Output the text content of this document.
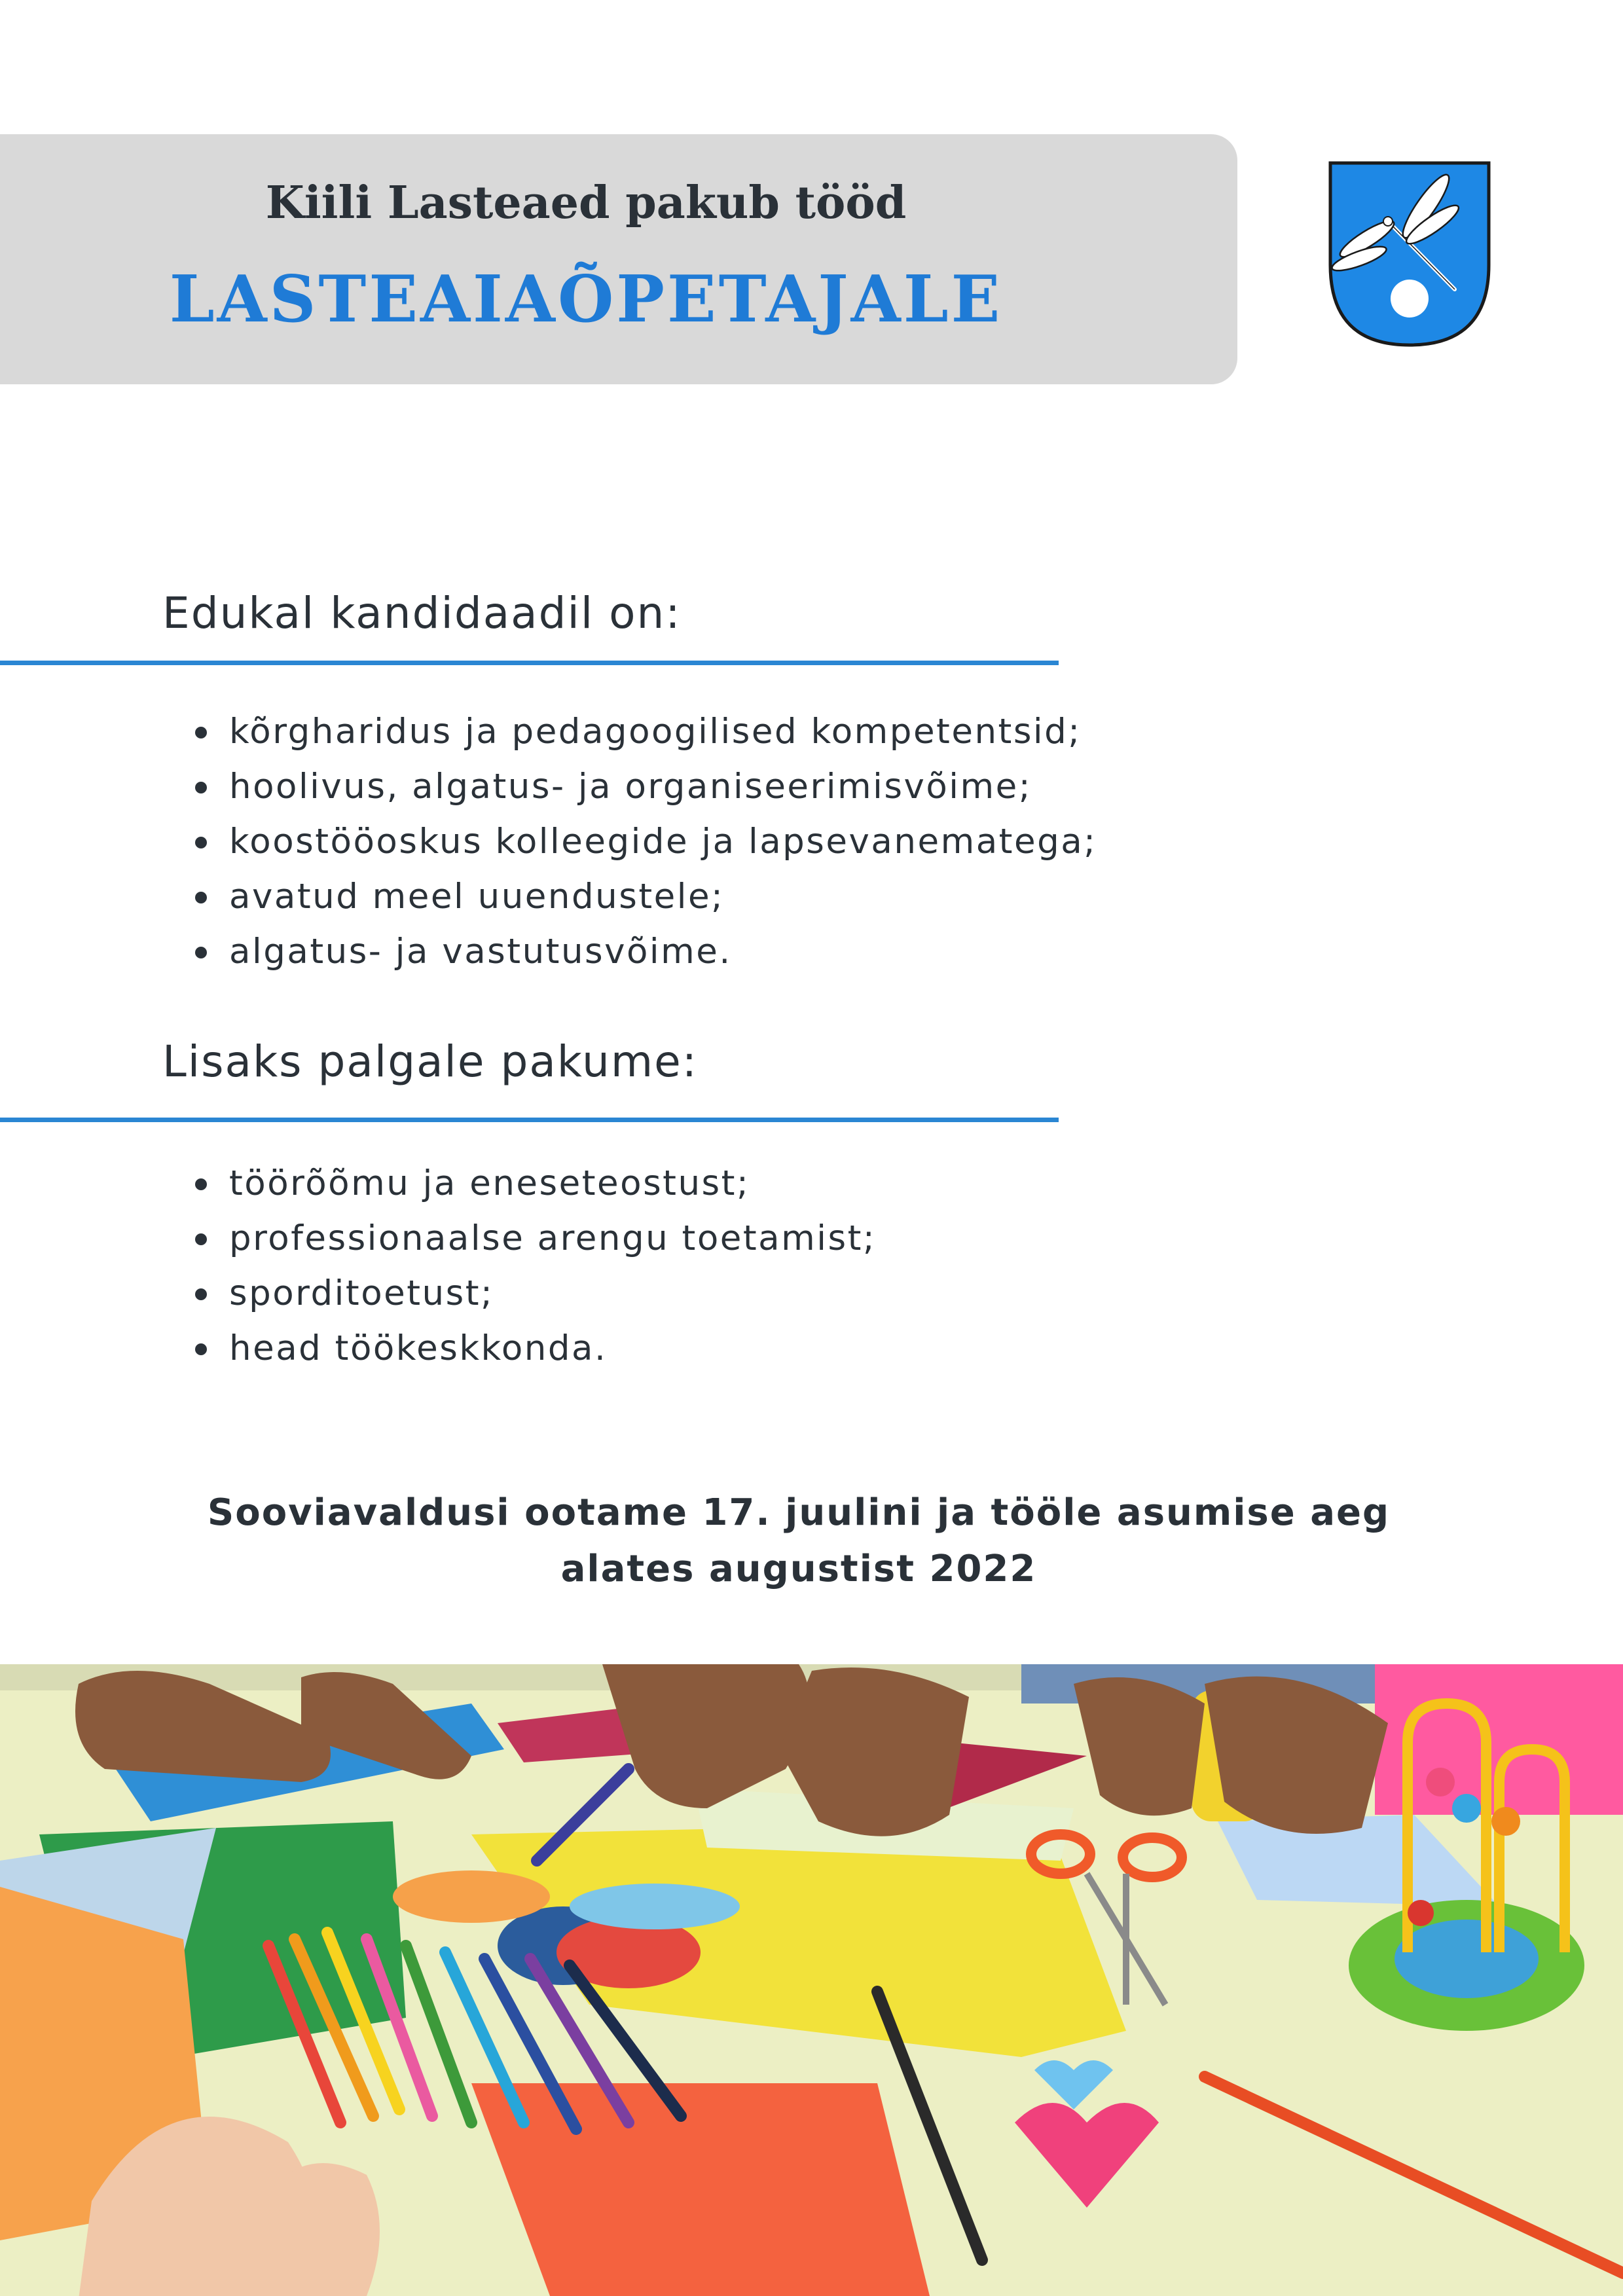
Kiili Lasteaed pakub tööd
LASTEAIAÕPETAJALE
Edukal kandidaadil on:
kõrgharidus ja pedagoogilised kompetentsid;
hoolivus, algatus- ja organiseerimisvõime;
koostööoskus kolleegide ja lapsevanematega;
avatud meel uuendustele;
algatus- ja vastutusvõime.
Lisaks palgale pakume:
töörõõmu ja eneseteostust;
professionaalse arengu toetamist;
sporditoetust;
head töökeskkonda.
Sooviavaldusi ootame 17. juulini ja tööle asumise aeg
alates augustist 2022
